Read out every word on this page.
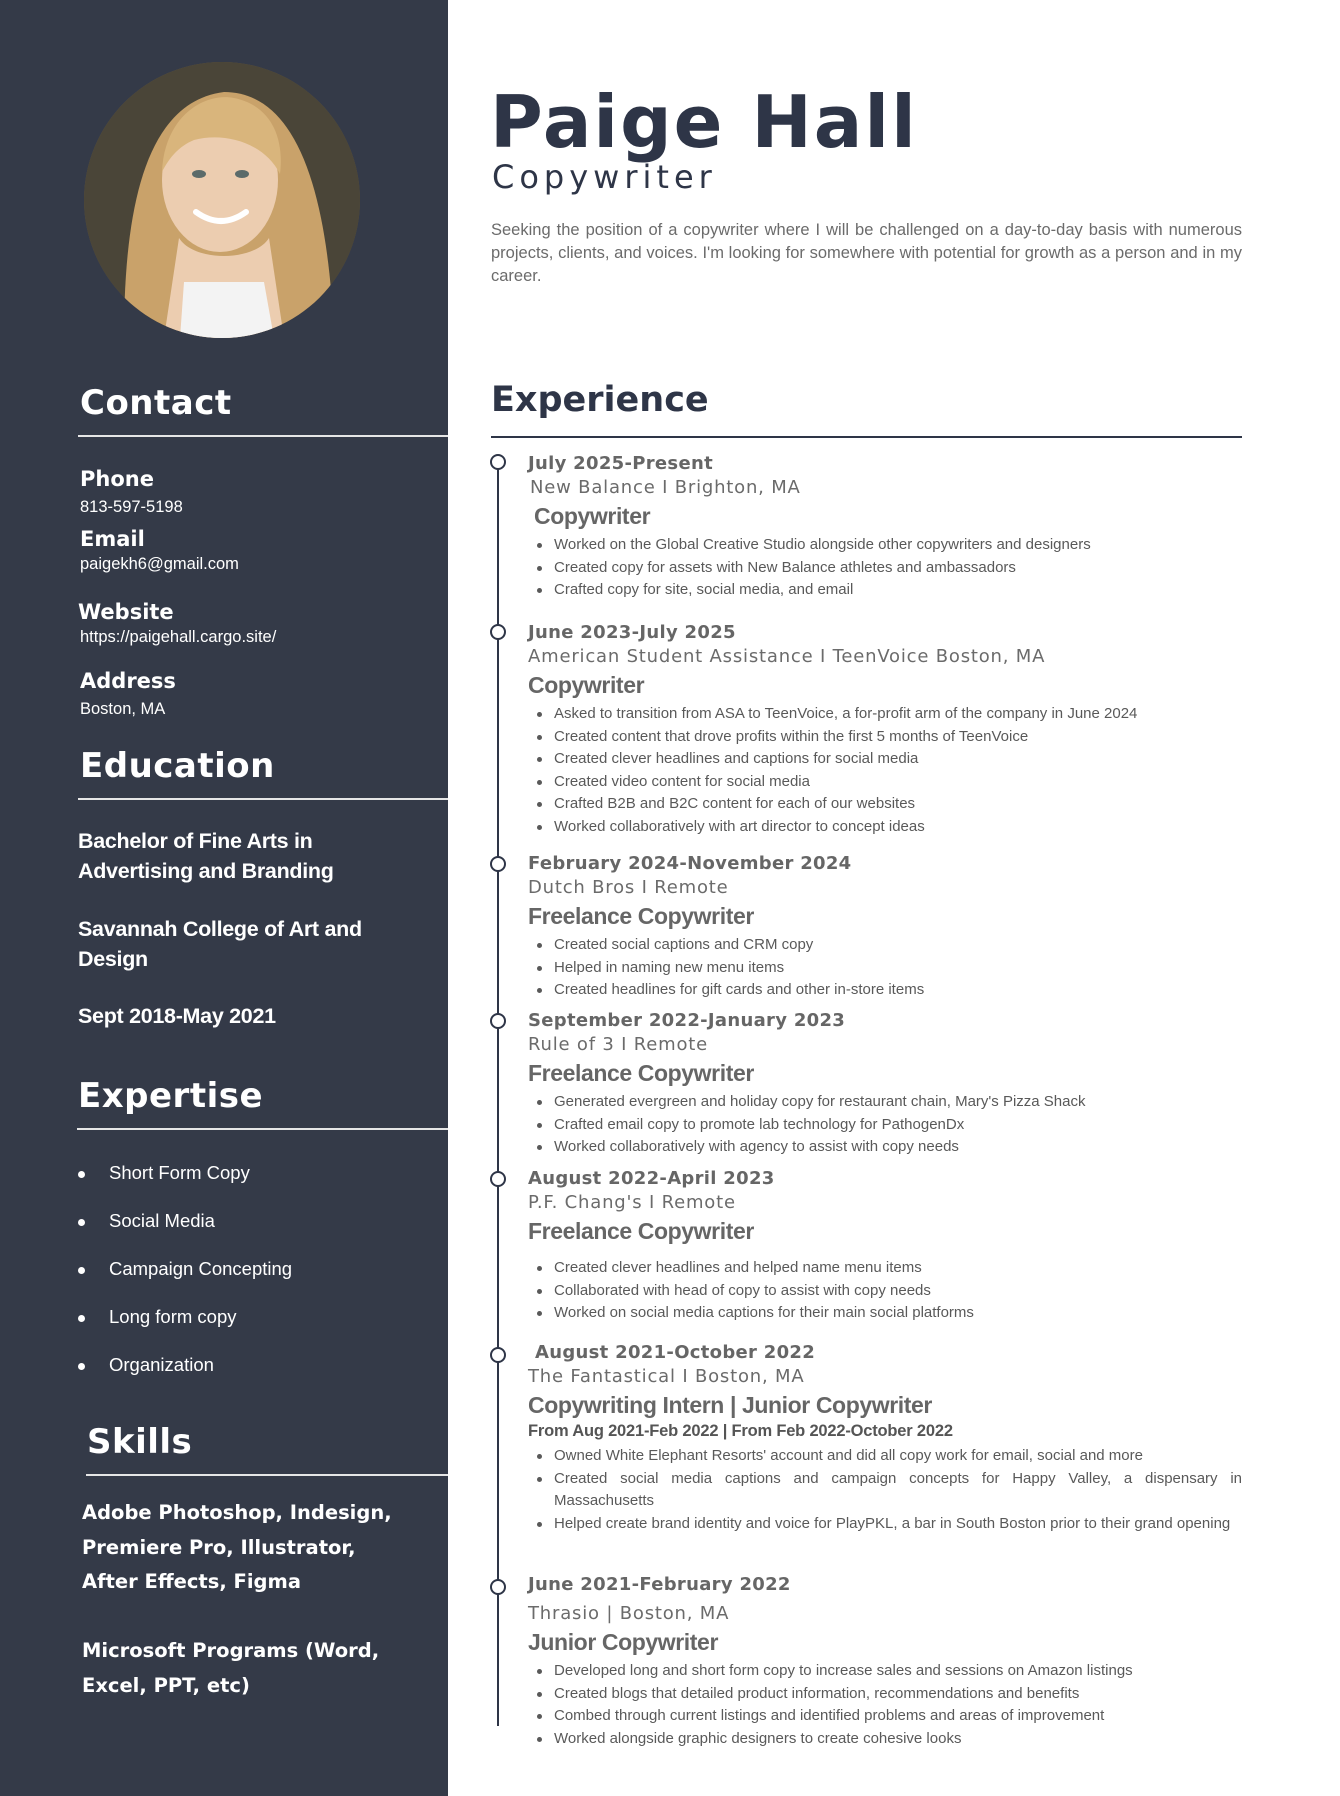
Contact
Phone
813-597-5198
Email
paigekh6@gmail.com
Website
https://paigehall.cargo.site/
Address
Boston, MA
Education
Bachelor of Fine Arts in Advertising and Branding
Savannah College of Art and Design
Sept 2018-May 2021
Expertise
Short Form Copy
Social Media
Campaign Concepting
Long form copy
Organization
Skills
Adobe Photoshop, Indesign, Premiere Pro, Illustrator, After Effects, Figma
Microsoft Programs (Word, Excel, PPT, etc)
Paige Hall
Copywriter

Seeking the position of a copywriter where I will be challenged on a day-to-day basis with numerous projects, clients, and voices. I'm looking for somewhere with potential for growth as a person and in my career.

Experience
July 2025-Present
New Balance I Brighton, MA
Copywriter
Worked on the Global Creative Studio alongside other copywriters and designers
Created copy for assets with New Balance athletes and ambassadors
Crafted copy for site, social media, and email
June 2023-July 2025
American Student Assistance I TeenVoice Boston, MA
Copywriter
Asked to transition from ASA to TeenVoice, a for-profit arm of the company in June 2024
Created content that drove profits within the first 5 months of TeenVoice
Created clever headlines and captions for social media
Created video content for social media
Crafted B2B and B2C content for each of our websites
Worked collaboratively with art director to concept ideas
February 2024-November 2024
Dutch Bros I Remote
Freelance Copywriter
Created social captions and CRM copy
Helped in naming new menu items
Created headlines for gift cards and other in-store items
September 2022-January 2023
Rule of 3 I Remote
Freelance Copywriter
Generated evergreen and holiday copy for restaurant chain, Mary's Pizza Shack
Crafted email copy to promote lab technology for PathogenDx
Worked collaboratively with agency to assist with copy needs
August 2022-April 2023
P.F. Chang's I Remote
Freelance Copywriter
Created clever headlines and helped name menu items
Collaborated with head of copy to assist with copy needs
Worked on social media captions for their main social platforms
August 2021-October 2022
The Fantastical I Boston, MA
Copywriting Intern | Junior Copywriter
From Aug 2021-Feb 2022 | From Feb 2022-October 2022
Owned White Elephant Resorts' account and did all copy work for email, social and more
Created social media captions and campaign concepts for Happy Valley, a dispensary in Massachusetts
Helped create brand identity and voice for PlayPKL, a bar in South Boston prior to their grand opening
June 2021-February 2022
Thrasio | Boston, MA
Junior Copywriter
Developed long and short form copy to increase sales and sessions on Amazon listings
Created blogs that detailed product information, recommendations and benefits
Combed through current listings and identified problems and areas of improvement
Worked alongside graphic designers to create cohesive looks
